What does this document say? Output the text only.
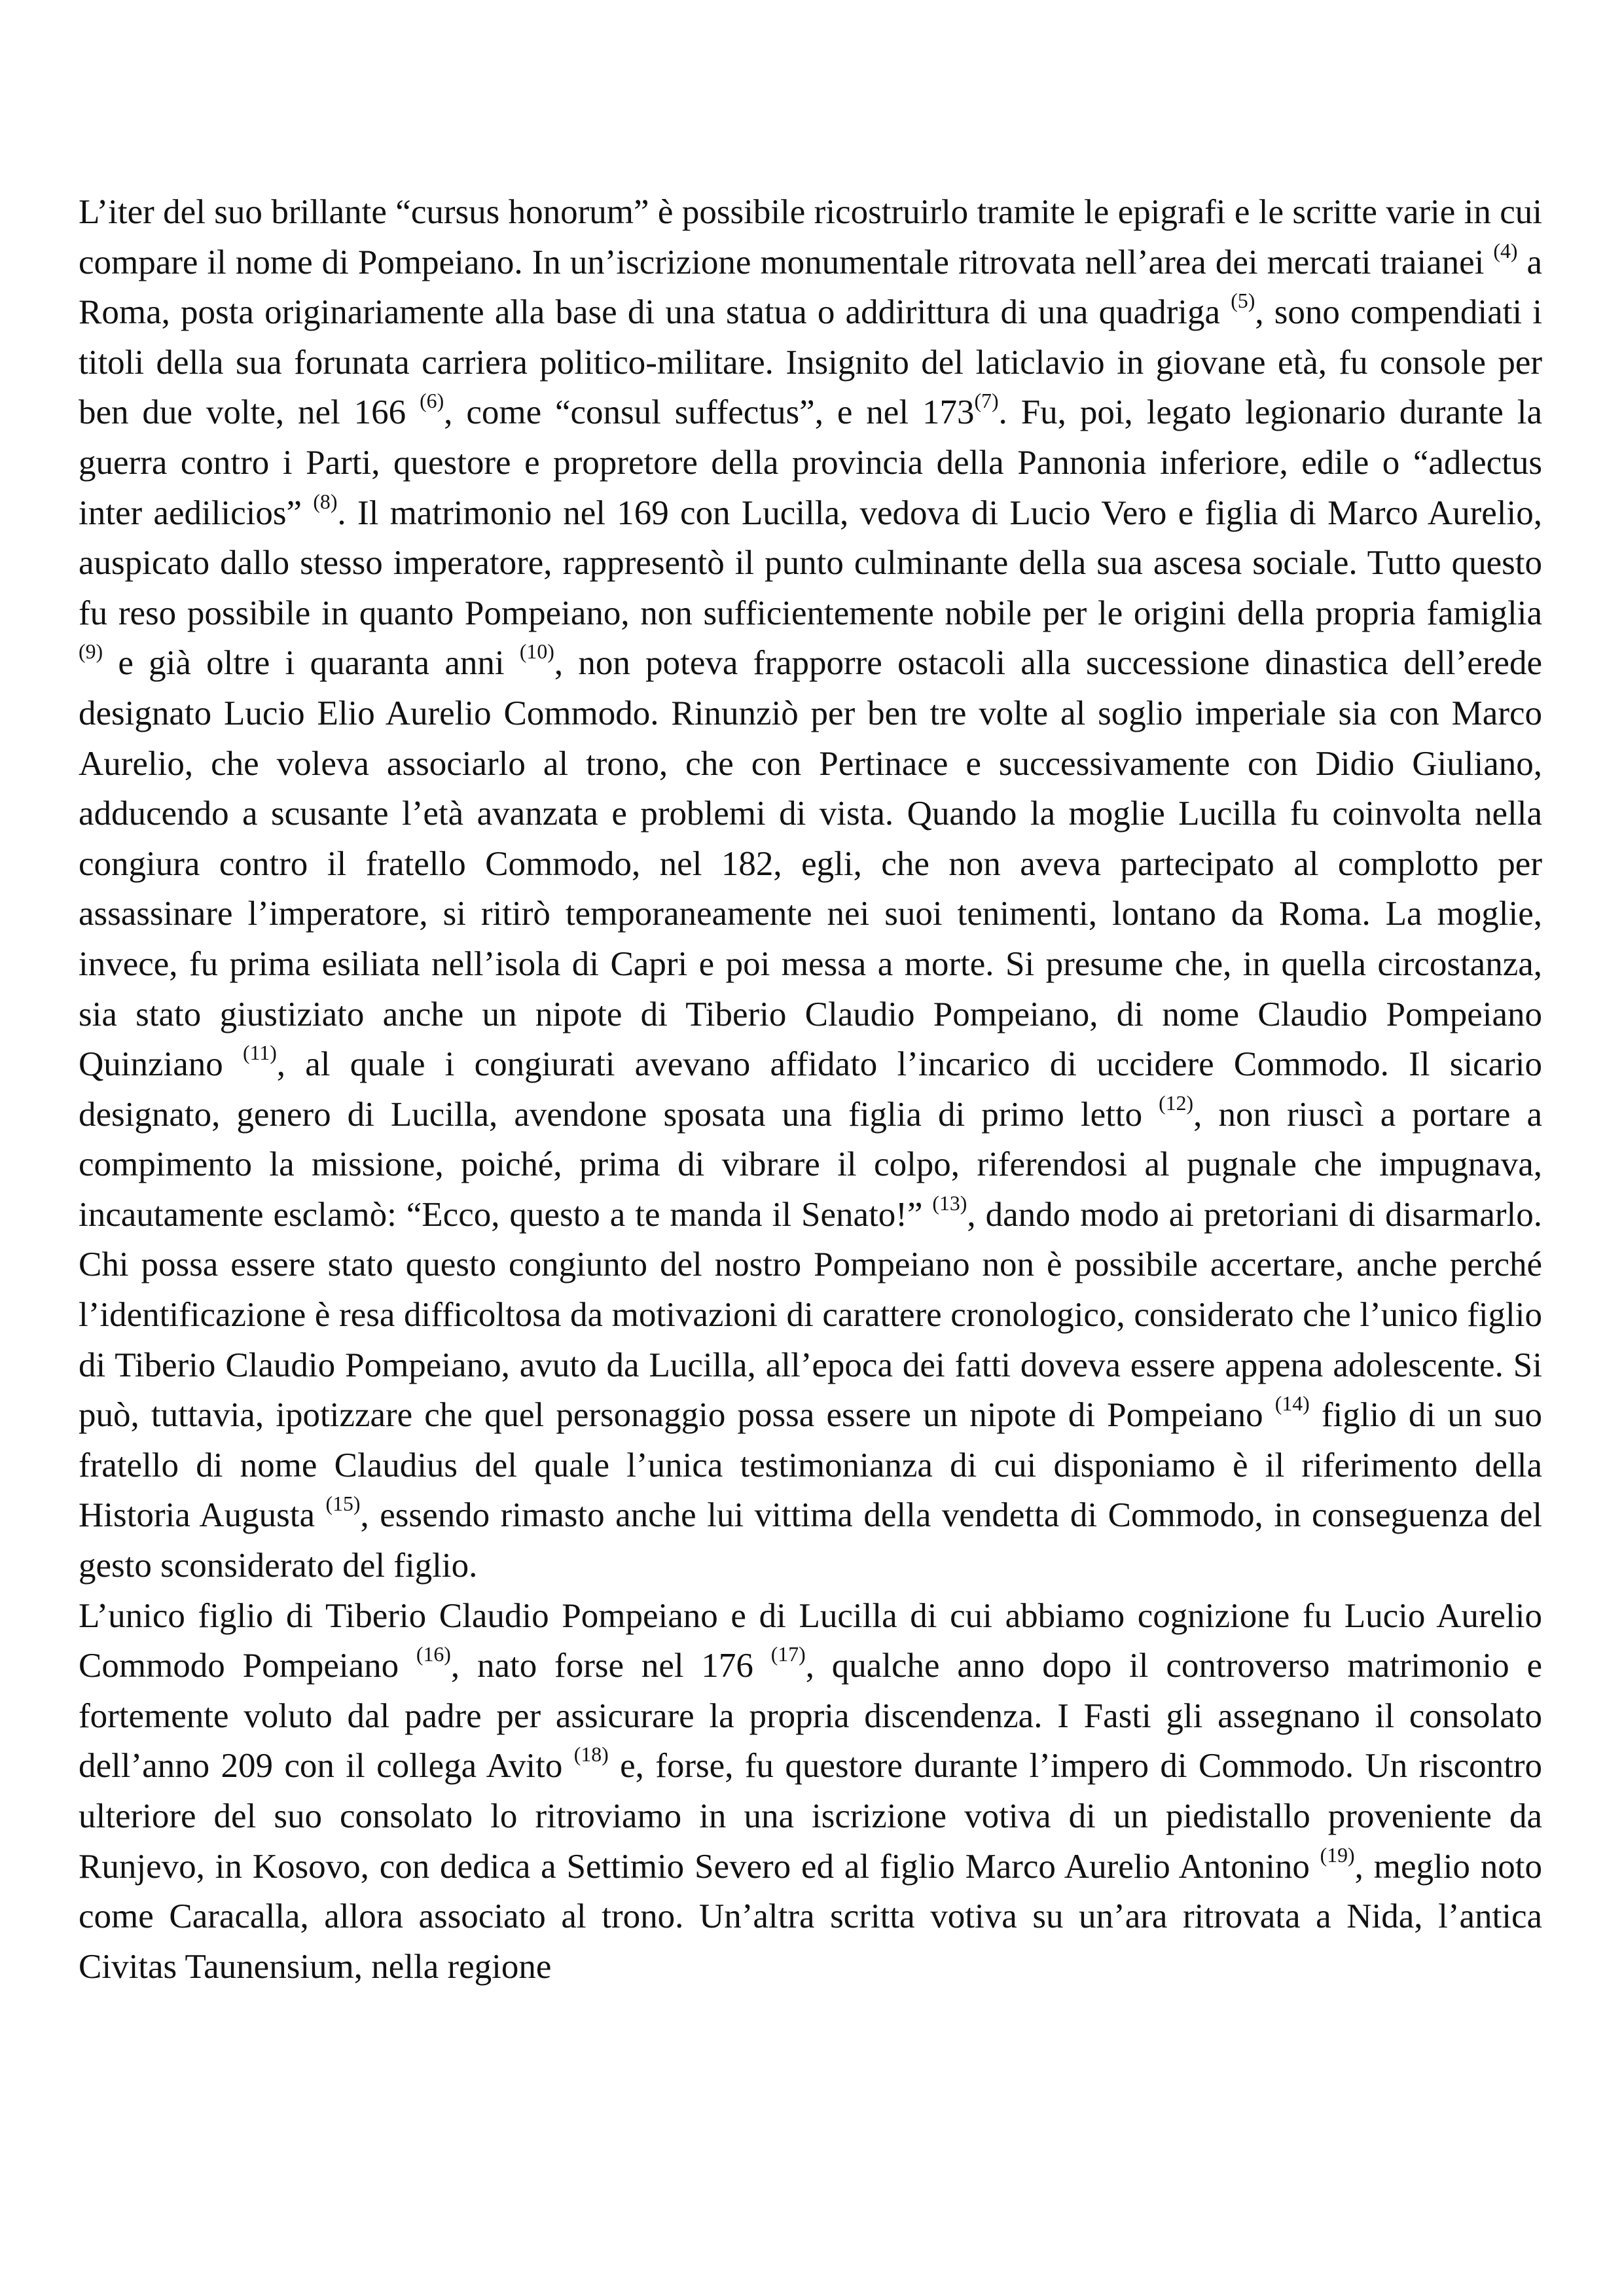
L’iter del suo brillante “cursus honorum” è possibile ricostruirlo tramite le epigrafi e le scritte varie in cui compare il nome di Pompeiano. In un’iscrizione monumentale ritrovata nell’area dei mercati traianei $^{(4)}$ a Roma, posta originariamente alla base di una statua o addirittura di una quadriga $^{(5)}$, sono compendiati i titoli della sua forunata carriera politico-militare. Insignito del laticlavio in giovane età, fu console per ben due volte, nel 166 $^{(6)}$, come “consul suffectus”, e nel 173$^{(7)}$. Fu, poi, legato legionario durante la guerra contro i Parti, questore e propretore della provincia della Pannonia inferiore, edile o “adlectus inter aedilicios” $^{(8)}$. Il matrimonio nel 169 con Lucilla, vedova di Lucio Vero e figlia di Marco Aurelio, auspicato dallo stesso imperatore, rappresentò il punto culminante della sua ascesa sociale. Tutto questo fu reso possibile in quanto Pompeiano, non sufficientemente nobile per le origini della propria famiglia $^{(9)}$ e già oltre i quaranta anni $^{(10)}$, non poteva frapporre ostacoli alla successione dinastica dell’erede designato Lucio Elio Aurelio Commodo. Rinunziò per ben tre volte al soglio imperiale sia con Marco Aurelio, che voleva associarlo al trono, che con Pertinace e successivamente con Didio Giuliano, adducendo a scusante l’età avanzata e problemi di vista. Quando la moglie Lucilla fu coinvolta nella congiura contro il fratello Commodo, nel 182, egli, che non aveva partecipato al complotto per assassinare l’imperatore, si ritirò temporaneamente nei suoi tenimenti, lontano da Roma. La moglie, invece, fu prima esiliata nell’isola di Capri e poi messa a morte. Si presume che, in quella circostanza, sia stato giustiziato anche un nipote di Tiberio Claudio Pompeiano, di nome Claudio Pompeiano Quinziano $^{(11)}$, al quale i congiurati avevano affidato l’incarico di uccidere Commodo. Il sicario designato, genero di Lucilla, avendone sposata una figlia di primo letto $^{(12)}$, non riuscì a portare a compimento la missione, poiché, prima di vibrare il colpo, riferendosi al pugnale che impugnava, incautamente esclamò: “Ecco, questo a te manda il Senato!” $^{(13)}$, dando modo ai pretoriani di disarmarlo. Chi possa essere stato questo congiunto del nostro Pompeiano non è possibile accertare, anche perché l’identificazione è resa difficoltosa da motivazioni di carattere cronologico, considerato che l’unico figlio di Tiberio Claudio Pompeiano, avuto da Lucilla, all’epoca dei fatti doveva essere appena adolescente. Si può, tuttavia, ipotizzare che quel personaggio possa essere un nipote di Pompeiano $^{(14)}$ figlio di un suo fratello di nome Claudius del quale l’unica testimonianza di cui disponiamo è il riferimento della Historia Augusta $^{(15)}$, essendo rimasto anche lui vittima della vendetta di Commodo, in conseguenza del gesto sconsiderato del figlio.

L’unico figlio di Tiberio Claudio Pompeiano e di Lucilla di cui abbiamo cognizione fu Lucio Aurelio Commodo Pompeiano $^{(16)}$, nato forse nel 176 $^{(17)}$, qualche anno dopo il controverso matrimonio e fortemente voluto dal padre per assicurare la propria discendenza. I Fasti gli assegnano il consolato dell’anno 209 con il collega Avito $^{(18)}$ e, forse, fu questore durante l’impero di Commodo. Un riscontro ulteriore del suo consolato lo ritroviamo in una iscrizione votiva di un piedistallo proveniente da Runjevo, in Kosovo, con dedica a Settimio Severo ed al figlio Marco Aurelio Antonino $^{(19)}$, meglio noto come Caracalla, allora associato al trono. Un’altra scritta votiva su un’ara ritrovata a Nida, l’antica Civitas Taunensium, nella regione
